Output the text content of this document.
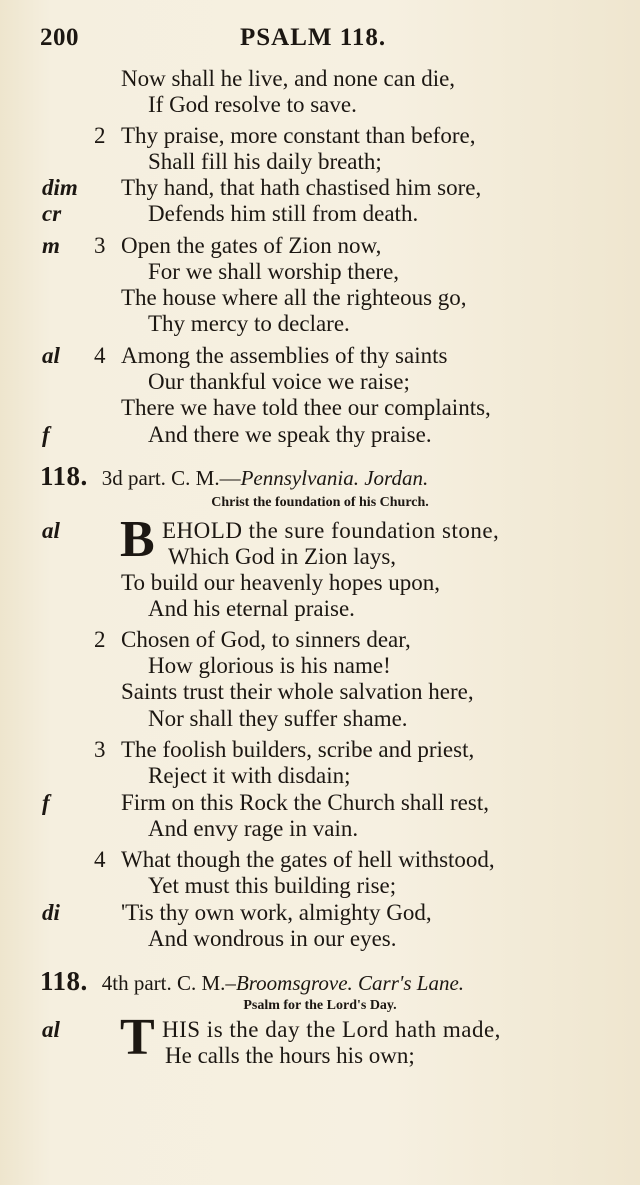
200	PSALM 118.
Now shall he live, and none can die,
If God resolve to save.
2 Thy praise, more constant than before,
Shall fill his daily breath;
dim Thy hand, that hath chastised him sore,
cr	Defends him still from death.
m 3 Open the gates of Zion now,
For we shall worship there,
The house where all the righteous go,
Thy mercy to declare.
al 4 Among the assemblies of thy saints
Our thankful voice we raise;
There we have told thee our complaints,
f	And there we speak thy praise.
118. 3d part. C. M.—Pennsylvania. Jordan.
Christ the foundation of his Church.
al B EHOLD the sure foundation stone,
Which God in Zion lays,
To build our heavenly hopes upon,
And his eternal praise.
2 Chosen of God, to sinners dear,
How glorious is his name!
Saints trust their whole salvation here,
Nor shall they suffer shame.
3 The foolish builders, scribe and priest,
Reject it with disdain;
f	Firm on this Rock the Church shall rest,
And envy rage in vain.
4 What though the gates of hell withstood,
Yet must this building rise;
di	'Tis thy own work, almighty God,
And wondrous in our eyes.
118. 4th part. C. M.–Broomsgrove. Carr's Lane.
Psalm for the Lord's Day.
al T HIS is the day the Lord hath made,
He calls the hours his own;
